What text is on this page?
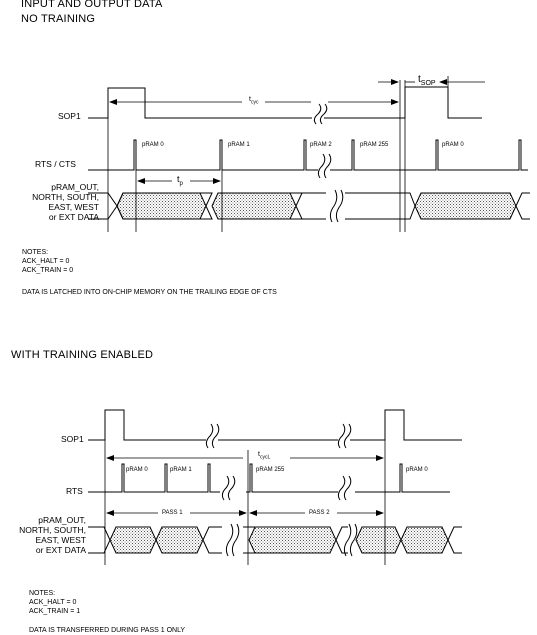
INPUT AND OUTPUT DATA
NO TRAINING
SOP1
RTS / CTS
pRAM_OUT,
NORTH, SOUTH,
EAST, WEST
or EXT DATA
pRAM 0	pRAM 1	pRAM 2	pRAM 255	pRAM 0
$t_{cyc}$
$t_{SOP}$
$t_p$
NOTES:
ACK_HALT = 0
ACK_TRAIN = 0
DATA IS LATCHED INTO ON-CHIP MEMORY ON THE TRAILING EDGE OF CTS
WITH TRAINING ENABLED
SOP1
RTS
pRAM_OUT,
NORTH, SOUTH,
EAST, WEST
or EXT DATA
pRAM 0	pRAM 1	pRAM 255	pRAM 0
$t_{cycL}$
PASS 1	PASS 2
NOTES:
ACK_HALT = 0
ACK_TRAIN = 1
DATA IS TRANSFERRED DURING PASS 1 ONLY
